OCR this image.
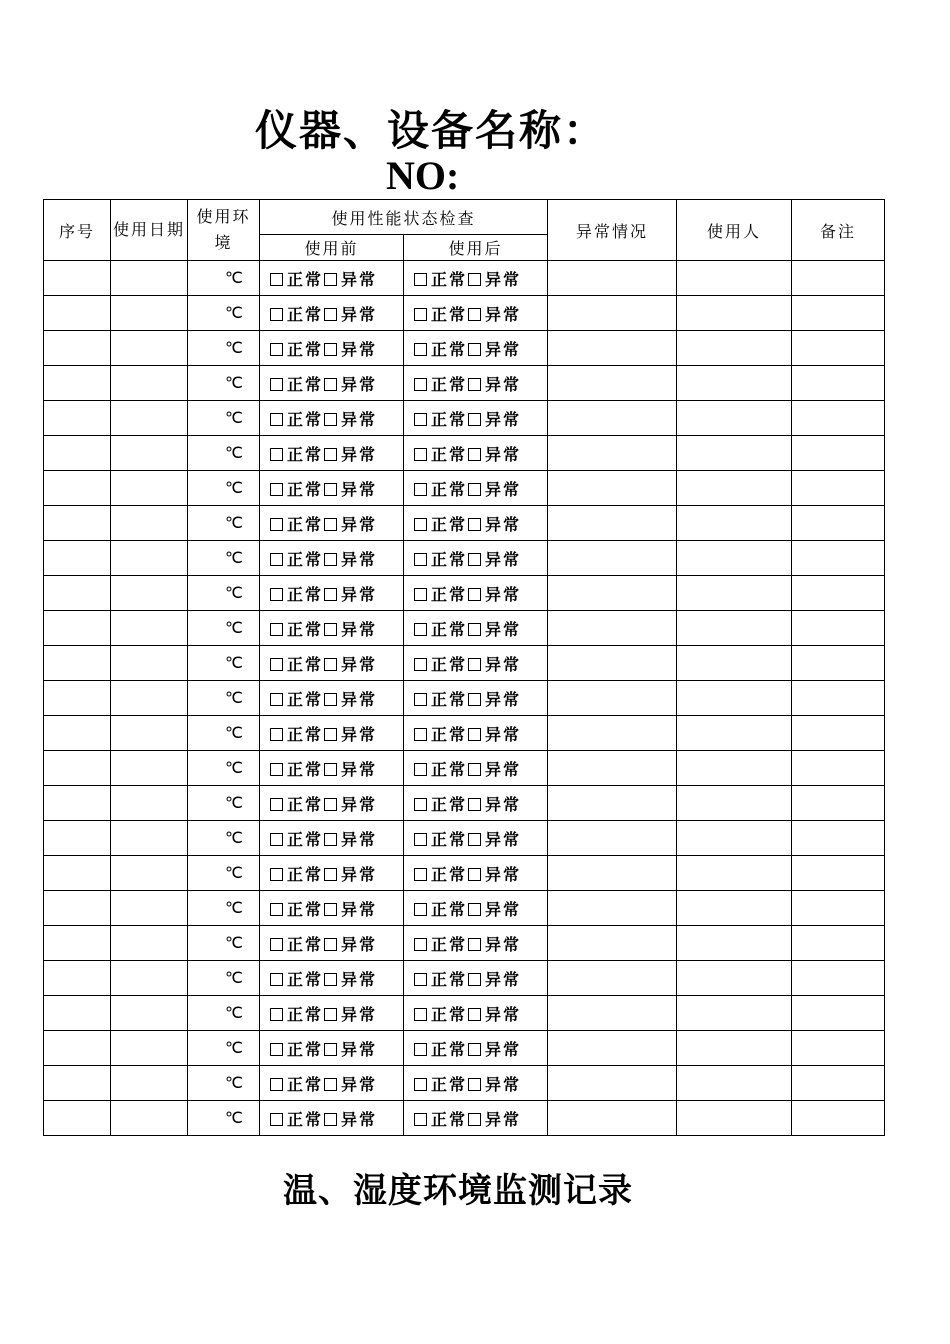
仪器、设备名称：
NO:
序号	使用日期	使用环境	使用性能状态检查		异常情况	使用人	备注
			使用前	使用后			
		℃	正常 异常	正常 异常			
		℃	正常 异常	正常 异常			
		℃	正常 异常	正常 异常			
		℃	正常 异常	正常 异常			
		℃	正常 异常	正常 异常			
		℃	正常 异常	正常 异常			
		℃	正常 异常	正常 异常			
		℃	正常 异常	正常 异常			
		℃	正常 异常	正常 异常			
		℃	正常 异常	正常 异常			
		℃	正常 异常	正常 异常			
		℃	正常 异常	正常 异常			
		℃	正常 异常	正常 异常			
		℃	正常 异常	正常 异常			
		℃	正常 异常	正常 异常			
		℃	正常 异常	正常 异常			
		℃	正常 异常	正常 异常			
		℃	正常 异常	正常 异常			
		℃	正常 异常	正常 异常			
		℃	正常 异常	正常 异常			
		℃	正常 异常	正常 异常			
		℃	正常 异常	正常 异常			
		℃	正常 异常	正常 异常			
		℃	正常 异常	正常 异常			
		℃	正常 异常	正常 异常			
温、湿度环境监测记录
